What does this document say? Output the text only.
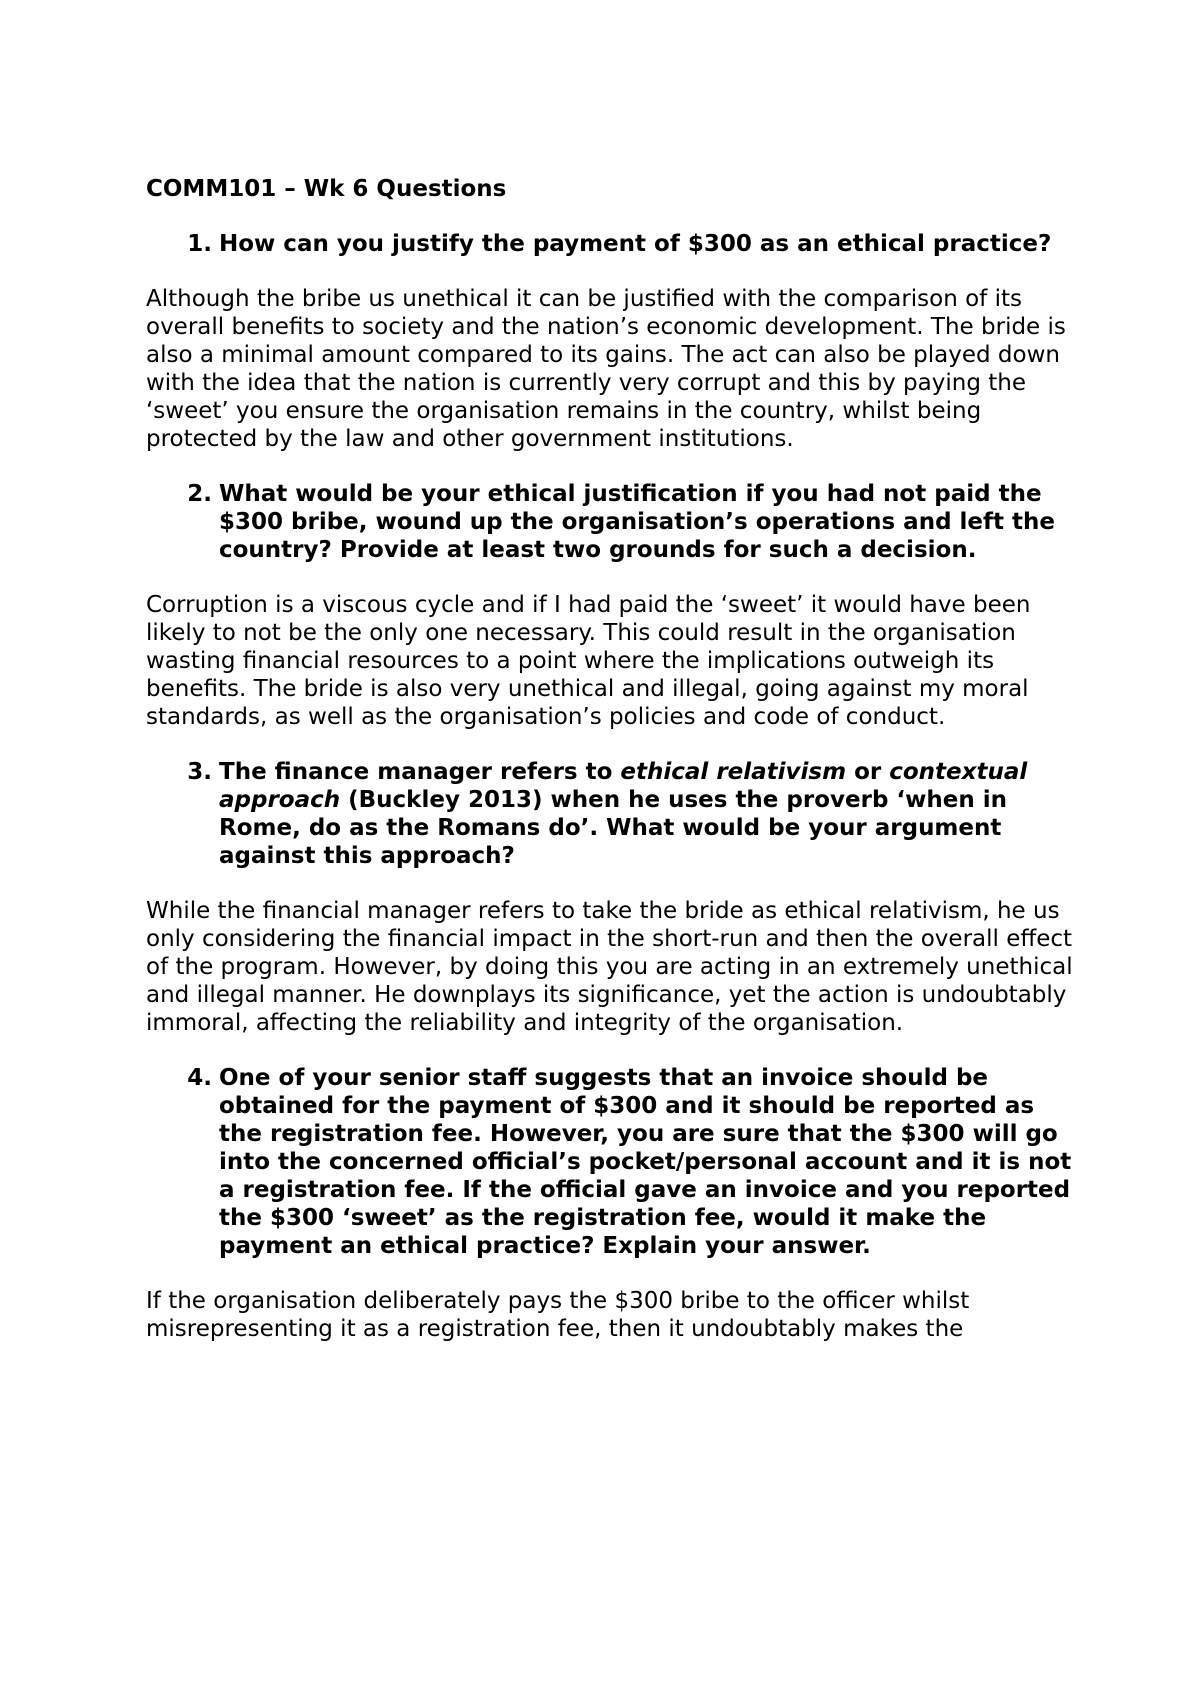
COMM101 – Wk 6 Questions
1. How can you justify the payment of $300 as an ethical practice?
Although the bribe us unethical it can be justified with the comparison of its overall benefits to society and the nation’s economic development. The bride is also a minimal amount compared to its gains. The act can also be played down with the idea that the nation is currently very corrupt and this by paying the ‘sweet’ you ensure the organisation remains in the country, whilst being protected by the law and other government institutions.
2. What would be your ethical justification if you had not paid the $300 bribe, wound up the organisation’s operations and left the country? Provide at least two grounds for such a decision.
Corruption is a viscous cycle and if I had paid the ‘sweet’ it would have been likely to not be the only one necessary. This could result in the organisation wasting financial resources to a point where the implications outweigh its benefits. The bride is also very unethical and illegal, going against my moral standards, as well as the organisation’s policies and code of conduct.
3. The finance manager refers to ethical relativism or contextual approach (Buckley 2013) when he uses the proverb ‘when in Rome, do as the Romans do’. What would be your argument against this approach?
While the financial manager refers to take the bride as ethical relativism, he us only considering the financial impact in the short-run and then the overall effect of the program. However, by doing this you are acting in an extremely unethical and illegal manner. He downplays its significance, yet the action is undoubtably immoral, affecting the reliability and integrity of the organisation.
4. One of your senior staff suggests that an invoice should be obtained for the payment of $300 and it should be reported as the registration fee. However, you are sure that the $300 will go into the concerned official’s pocket/personal account and it is not a registration fee. If the official gave an invoice and you reported the $300 ‘sweet’ as the registration fee, would it make the payment an ethical practice? Explain your answer.
If the organisation deliberately pays the $300 bribe to the officer whilst misrepresenting it as a registration fee, then it undoubtably makes the
